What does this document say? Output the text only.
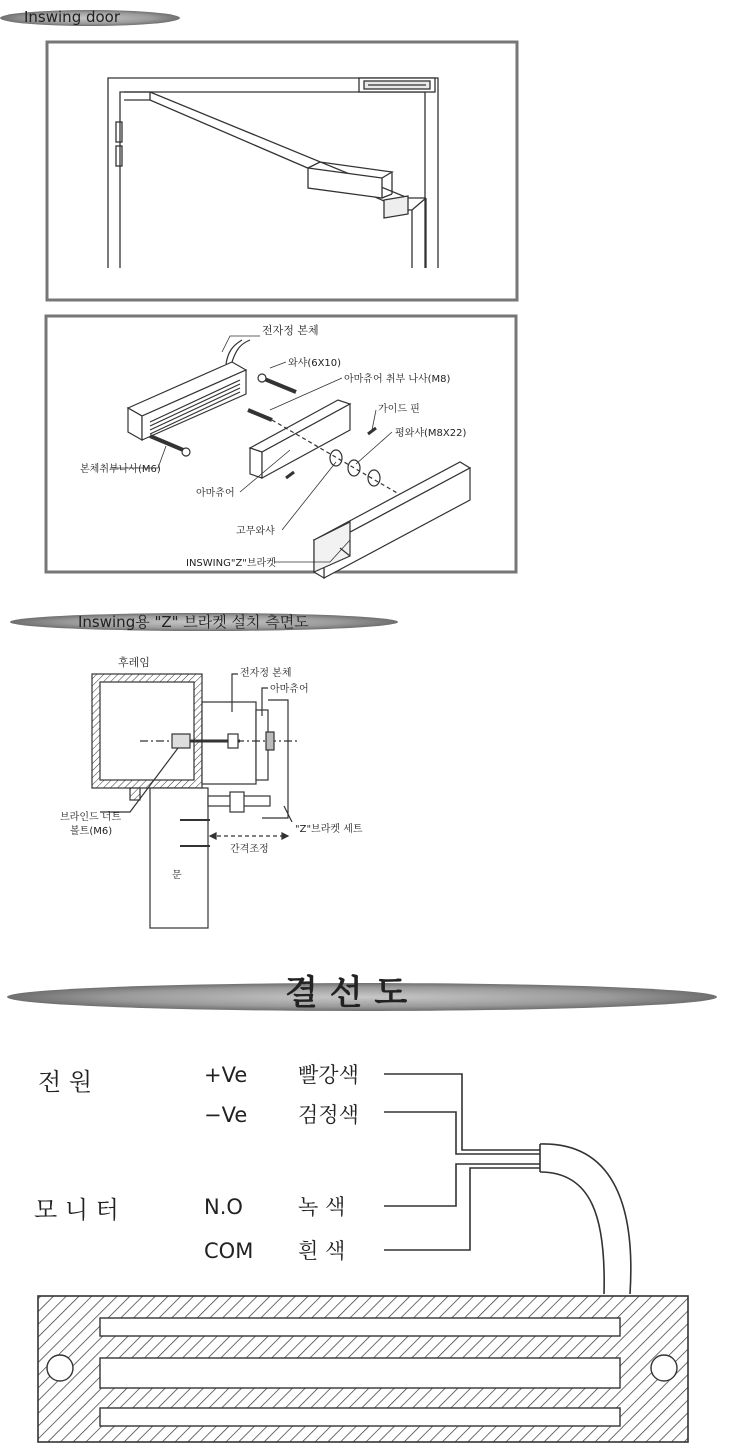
Inswing door
전자정 본체
와샤(6X10)
아마츄어 취부 나사(M8)
가이드 핀
평와샤(M8X22)
본체취부나사(M6)
아마츄어
고무와샤
INSWING"Z"브라켓
Inswing용 "Z" 브라켓 설치 측면도
후레임
전자정 본체
아마츄어
브라인드 너트
볼트(M6)	"Z"브라켓 세트
간격조정
문
결 선 도
전 원
모 니 터
+Ve 빨강색
−Ve 검정색
N.O	녹 색
COM 흰 색
